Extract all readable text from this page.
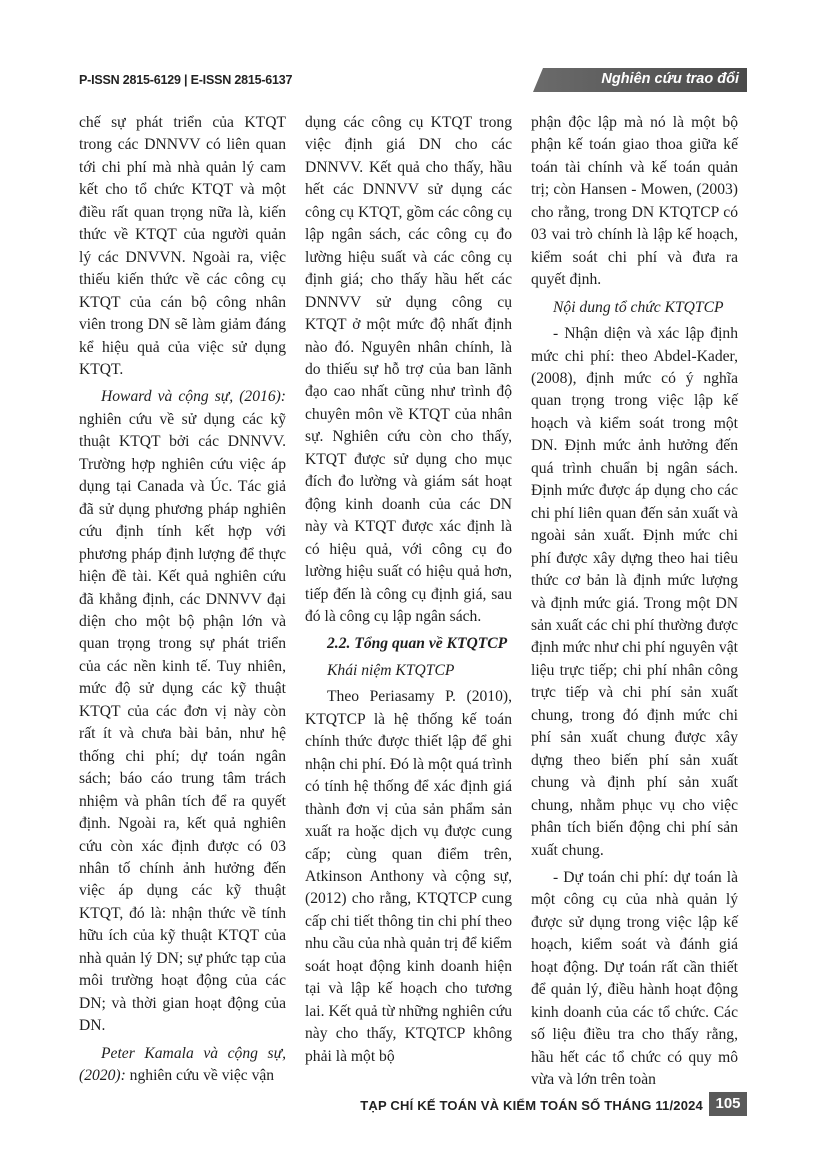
P-ISSN 2815-6129 | E-ISSN 2815-6137	Nghiên cứu trao đổi

chế sự phát triển của KTQT trong các DNNVV có liên quan tới chi phí mà nhà quản lý cam kết cho tổ chức KTQT và một điều rất quan trọng nữa là, kiến thức về KTQT của người quản lý các DNVVN. Ngoài ra, việc thiếu kiến thức về các công cụ KTQT của cán bộ công nhân viên trong DN sẽ làm giảm đáng kể hiệu quả của việc sử dụng KTQT.

Howard và cộng sự, (2016): nghiên cứu về sử dụng các kỹ thuật KTQT bởi các DNNVV. Trường hợp nghiên cứu việc áp dụng tại Canada và Úc. Tác giả đã sử dụng phương pháp nghiên cứu định tính kết hợp với phương pháp định lượng để thực hiện đề tài. Kết quả nghiên cứu đã khẳng định, các DNNVV đại diện cho một bộ phận lớn và quan trọng trong sự phát triển của các nền kinh tế. Tuy nhiên, mức độ sử dụng các kỹ thuật KTQT của các đơn vị này còn rất ít và chưa bài bản, như hệ thống chi phí; dự toán ngân sách; báo cáo trung tâm trách nhiệm và phân tích để ra quyết định. Ngoài ra, kết quả nghiên cứu còn xác định được có 03 nhân tố chính ảnh hưởng đến việc áp dụng các kỹ thuật KTQT, đó là: nhận thức về tính hữu ích của kỹ thuật KTQT của nhà quản lý DN; sự phức tạp của môi trường hoạt động của các DN; và thời gian hoạt động của DN.

Peter Kamala và cộng sự, (2020): nghiên cứu về việc vận

dụng các công cụ KTQT trong việc định giá DN cho các DNNVV. Kết quả cho thấy, hầu hết các DNNVV sử dụng các công cụ KTQT, gồm các công cụ lập ngân sách, các công cụ đo lường hiệu suất và các công cụ định giá; cho thấy hầu hết các DNNVV sử dụng công cụ KTQT ở một mức độ nhất định nào đó. Nguyên nhân chính, là do thiếu sự hỗ trợ của ban lãnh đạo cao nhất cũng như trình độ chuyên môn về KTQT của nhân sự. Nghiên cứu còn cho thấy, KTQT được sử dụng cho mục đích đo lường và giám sát hoạt động kinh doanh của các DN này và KTQT được xác định là có hiệu quả, với công cụ đo lường hiệu suất có hiệu quả hơn, tiếp đến là công cụ định giá, sau đó là công cụ lập ngân sách.

2.2. Tổng quan về KTQTCP

Khái niệm KTQTCP

Theo Periasamy P. (2010), KTQTCP là hệ thống kế toán chính thức được thiết lập để ghi nhận chi phí. Đó là một quá trình có tính hệ thống để xác định giá thành đơn vị của sản phẩm sản xuất ra hoặc dịch vụ được cung cấp; cùng quan điểm trên, Atkinson Anthony và cộng sự, (2012) cho rằng, KTQTCP cung cấp chi tiết thông tin chi phí theo nhu cầu của nhà quản trị để kiểm soát hoạt động kinh doanh hiện tại và lập kế hoạch cho tương lai. Kết quả từ những nghiên cứu này cho thấy, KTQTCP không phải là một bộ

phận độc lập mà nó là một bộ phận kế toán giao thoa giữa kế toán tài chính và kế toán quản trị; còn Hansen - Mowen, (2003) cho rằng, trong DN KTQTCP có 03 vai trò chính là lập kế hoạch, kiểm soát chi phí và đưa ra quyết định.

Nội dung tổ chức KTQTCP

- Nhận diện và xác lập định mức chi phí: theo Abdel-Kader, (2008), định mức có ý nghĩa quan trọng trong việc lập kế hoạch và kiểm soát trong một DN. Định mức ảnh hưởng đến quá trình chuẩn bị ngân sách. Định mức được áp dụng cho các chi phí liên quan đến sản xuất và ngoài sản xuất. Định mức chi phí được xây dựng theo hai tiêu thức cơ bản là định mức lượng và định mức giá. Trong một DN sản xuất các chi phí thường được định mức như chi phí nguyên vật liệu trực tiếp; chi phí nhân công trực tiếp và chi phí sản xuất chung, trong đó định mức chi phí sản xuất chung được xây dựng theo biến phí sản xuất chung và định phí sản xuất chung, nhằm phục vụ cho việc phân tích biến động chi phí sản xuất chung.

- Dự toán chi phí: dự toán là một công cụ của nhà quản lý được sử dụng trong việc lập kế hoạch, kiểm soát và đánh giá hoạt động. Dự toán rất cần thiết để quản lý, điều hành hoạt động kinh doanh của các tổ chức. Các số liệu điều tra cho thấy rằng, hầu hết các tổ chức có quy mô vừa và lớn trên toàn

TẠP CHÍ KẾ TOÁN VÀ KIỂM TOÁN SỐ THÁNG 11/2024 105
